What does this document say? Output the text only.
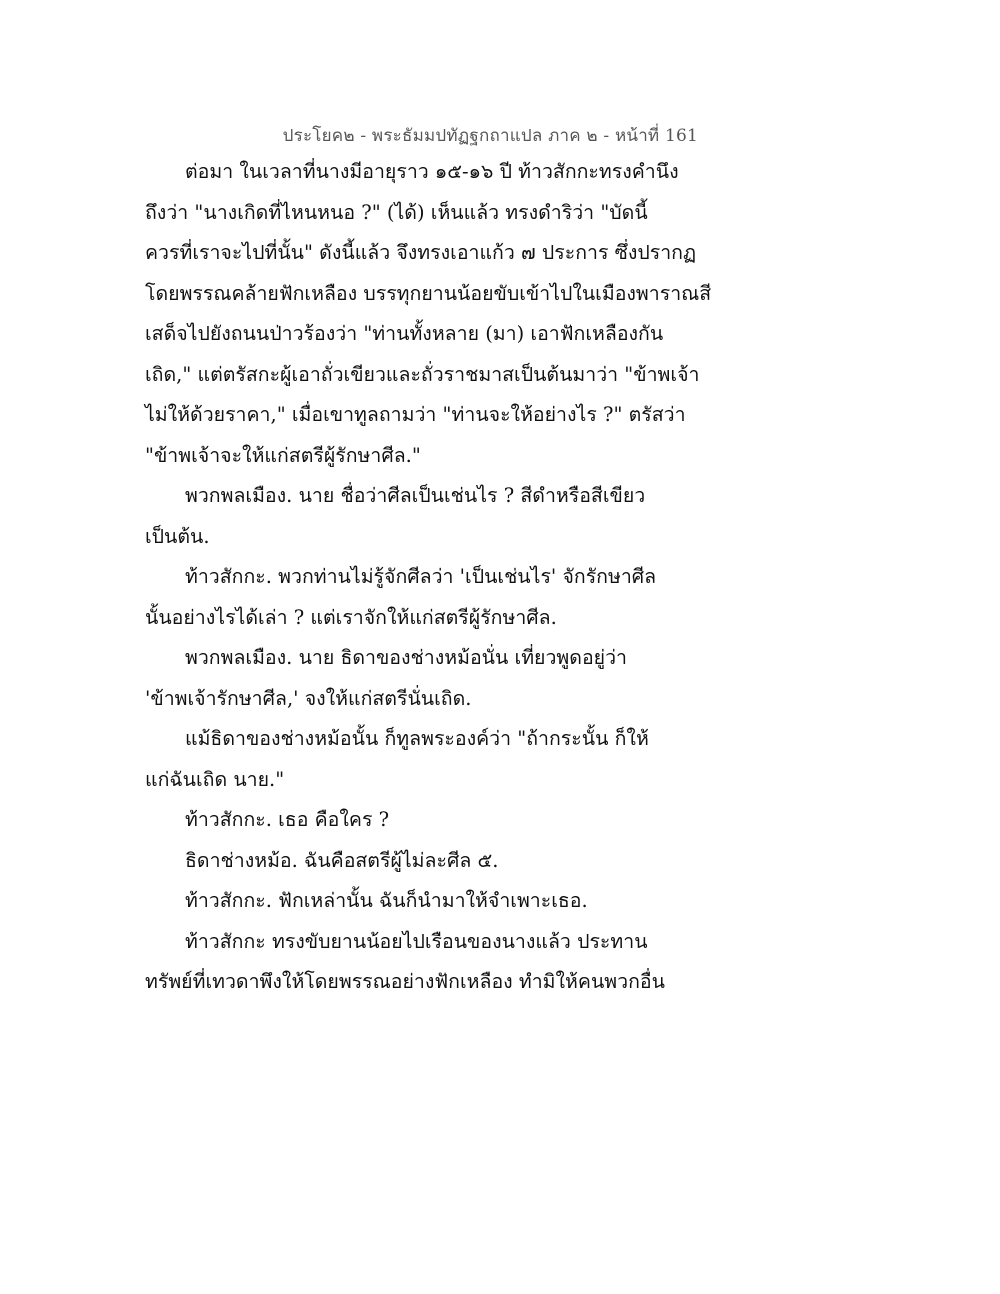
ประโยค๒ - พระธัมมปทัฏฐกถาแปล ภาค ๒ - หน้าที่ 161
ต่อมา ในเวลาที่นางมีอายุราว ๑๕-๑๖ ปี ท้าวสักกะทรงคำนึง
ถึงว่า "นางเกิดที่ไหนหนอ ?" (ได้) เห็นแล้ว ทรงดำริว่า "บัดนี้
ควรที่เราจะไปที่นั้น" ดังนี้แล้ว จึงทรงเอาแก้ว ๗ ประการ ซึ่งปรากฏ
โดยพรรณคล้ายฟักเหลือง บรรทุกยานน้อยขับเข้าไปในเมืองพาราณสี
เสด็จไปยังถนนป่าวร้องว่า "ท่านทั้งหลาย (มา) เอาฟักเหลืองกัน
เถิด," แต่ตรัสกะผู้เอาถั่วเขียวและถั่วราชมาสเป็นต้นมาว่า "ข้าพเจ้า
ไม่ให้ด้วยราคา," เมื่อเขาทูลถามว่า "ท่านจะให้อย่างไร ?" ตรัสว่า
"ข้าพเจ้าจะให้แก่สตรีผู้รักษาศีล."
พวกพลเมือง. นาย ชื่อว่าศีลเป็นเช่นไร ? สีดำหรือสีเขียว
เป็นต้น.
ท้าวสักกะ. พวกท่านไม่รู้จักศีลว่า 'เป็นเช่นไร' จักรักษาศีล
นั้นอย่างไรได้เล่า ? แต่เราจักให้แก่สตรีผู้รักษาศีล.
พวกพลเมือง. นาย ธิดาของช่างหม้อนั่น เที่ยวพูดอยู่ว่า
'ข้าพเจ้ารักษาศีล,' จงให้แก่สตรีนั่นเถิด.
แม้ธิดาของช่างหม้อนั้น ก็ทูลพระองค์ว่า "ถ้ากระนั้น ก็ให้
แก่ฉันเถิด นาย."
ท้าวสักกะ. เธอ คือใคร ?
ธิดาช่างหม้อ. ฉันคือสตรีผู้ไม่ละศีล ๕.
ท้าวสักกะ. ฟักเหล่านั้น ฉันก็นำมาให้จำเพาะเธอ.
ท้าวสักกะ ทรงขับยานน้อยไปเรือนของนางแล้ว ประทาน
ทรัพย์ที่เทวดาพึงให้โดยพรรณอย่างฟักเหลือง ทำมิให้คนพวกอื่น
